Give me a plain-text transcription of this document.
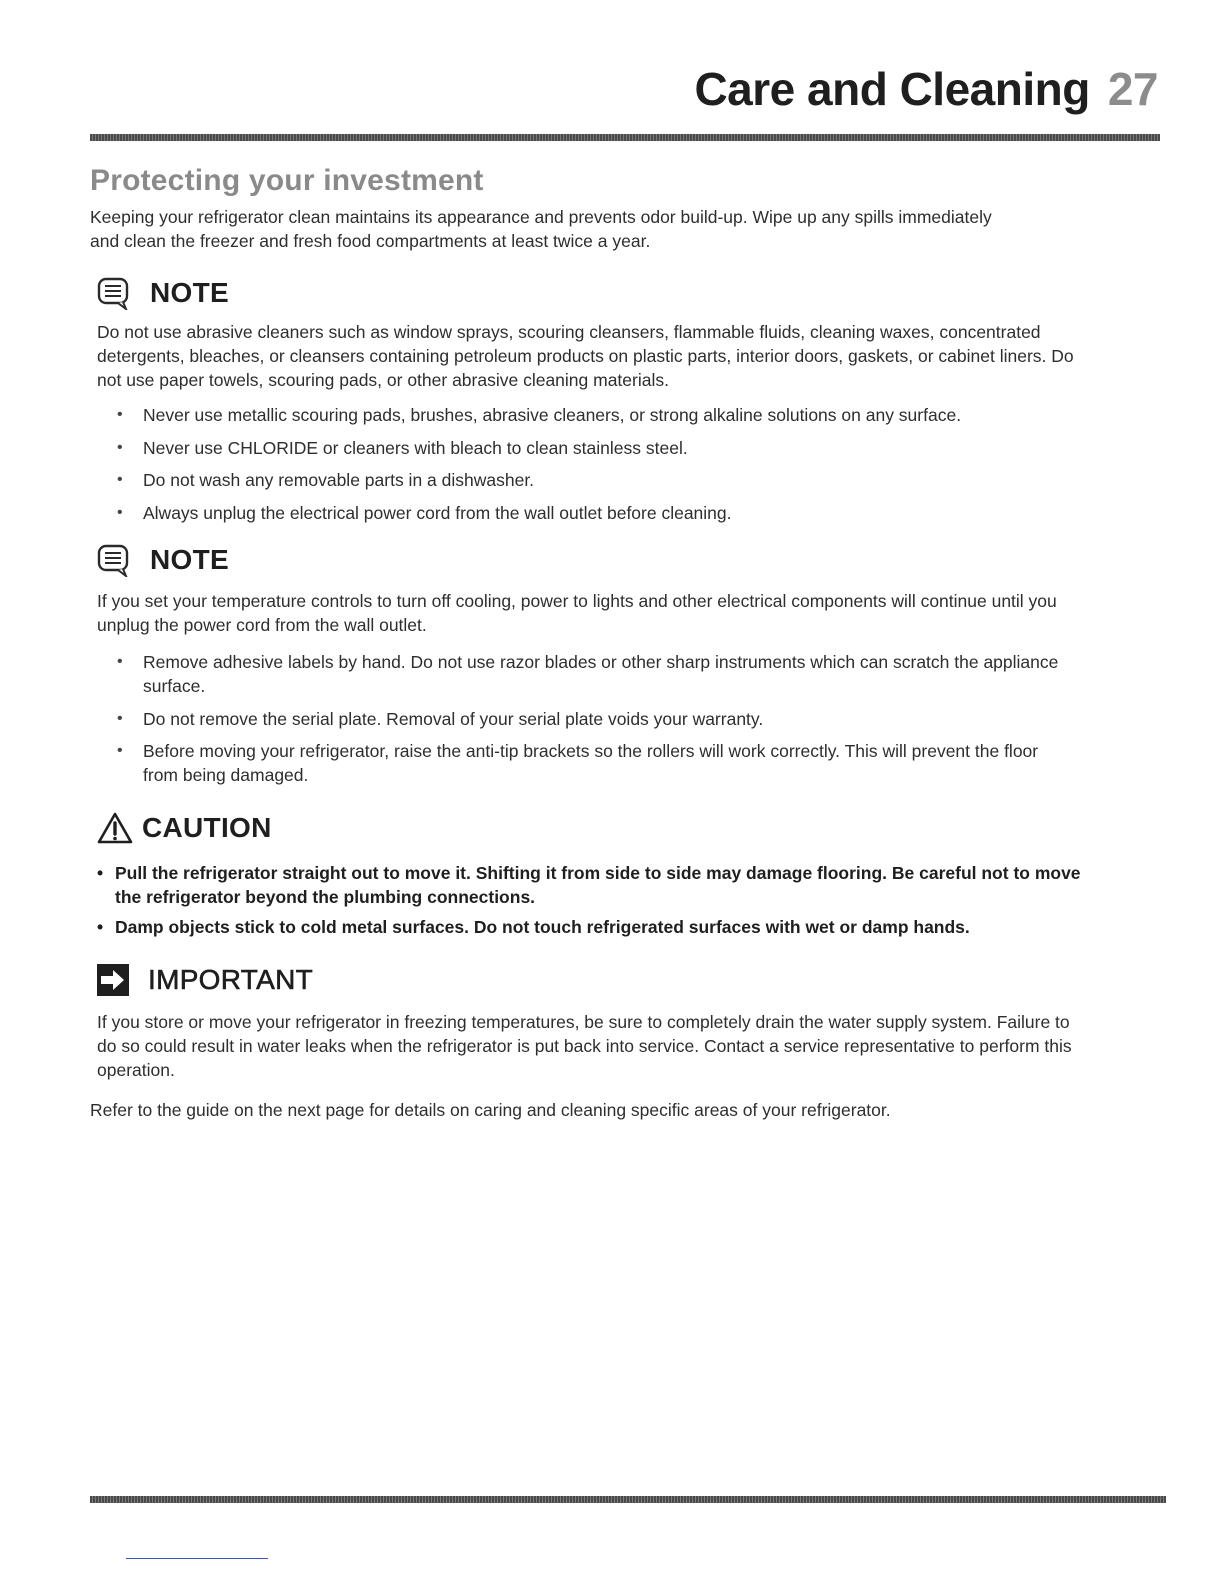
Care and Cleaning 27
Protecting your investment
Keeping your refrigerator clean maintains its appearance and prevents odor build-up. Wipe up any spills immediately and clean the freezer and fresh food compartments at least twice a year.
NOTE
Do not use abrasive cleaners such as window sprays, scouring cleansers, flammable fluids, cleaning waxes, concentrated detergents, bleaches, or cleansers containing petroleum products on plastic parts, interior doors, gaskets, or cabinet liners. Do not use paper towels, scouring pads, or other abrasive cleaning materials.
• Never use metallic scouring pads, brushes, abrasive cleaners, or strong alkaline solutions on any surface.
• Never use CHLORIDE or cleaners with bleach to clean stainless steel.
• Do not wash any removable parts in a dishwasher.
• Always unplug the electrical power cord from the wall outlet before cleaning.
NOTE
If you set your temperature controls to turn off cooling, power to lights and other electrical components will continue until you unplug the power cord from the wall outlet.
• Remove adhesive labels by hand. Do not use razor blades or other sharp instruments which can scratch the appliance surface.
• Do not remove the serial plate. Removal of your serial plate voids your warranty.
• Before moving your refrigerator, raise the anti-tip brackets so the rollers will work correctly. This will prevent the floor from being damaged.
CAUTION
• Pull the refrigerator straight out to move it. Shifting it from side to side may damage flooring. Be careful not to move the refrigerator beyond the plumbing connections.
• Damp objects stick to cold metal surfaces. Do not touch refrigerated surfaces with wet or damp hands.
IMPORTANT
If you store or move your refrigerator in freezing temperatures, be sure to completely drain the water supply system. Failure to do so could result in water leaks when the refrigerator is put back into service. Contact a service representative to perform this operation.
Refer to the guide on the next page for details on caring and cleaning specific areas of your refrigerator.
